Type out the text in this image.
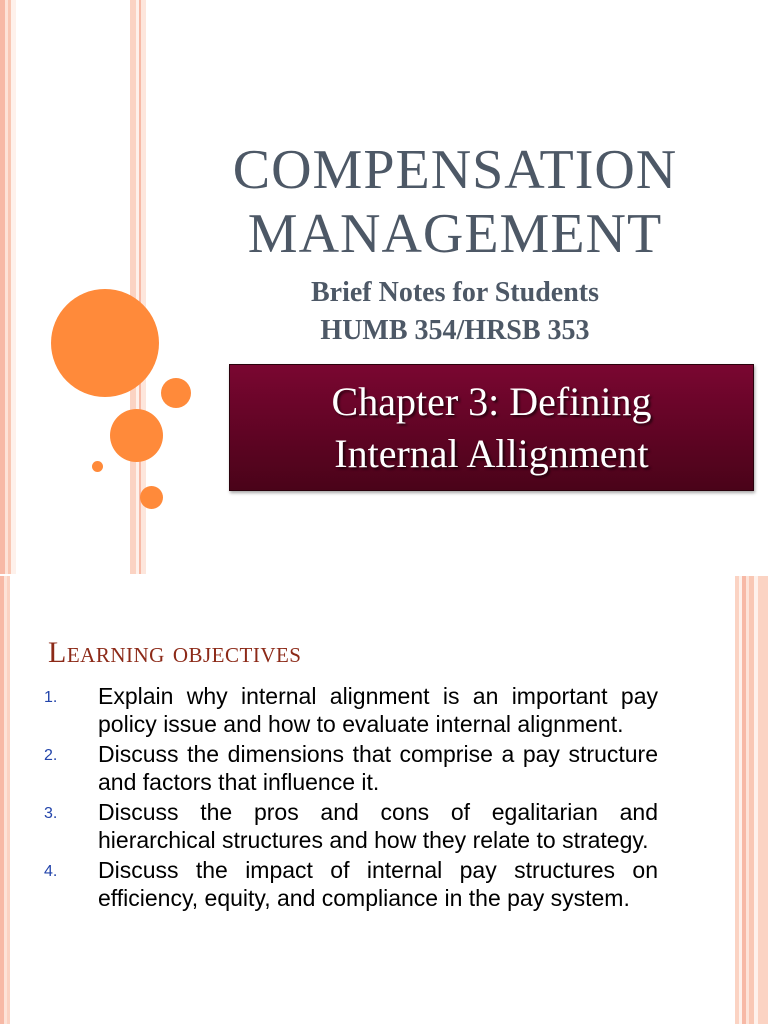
COMPENSATION
MANAGEMENT
Brief Notes for Students
HUMB 354/HRSB 353
Chapter 3: Defining
Internal Allignment
Learning objectives
1.	Explain why internal alignment is an important pay policy issue and how to evaluate internal alignment.
2.	Discuss the dimensions that comprise a pay structure and factors that influence it.
3.	Discuss the pros and cons of egalitarian and hierarchical structures and how they relate to strategy.
4.	Discuss the impact of internal pay structures on efficiency, equity, and compliance in the pay system.
